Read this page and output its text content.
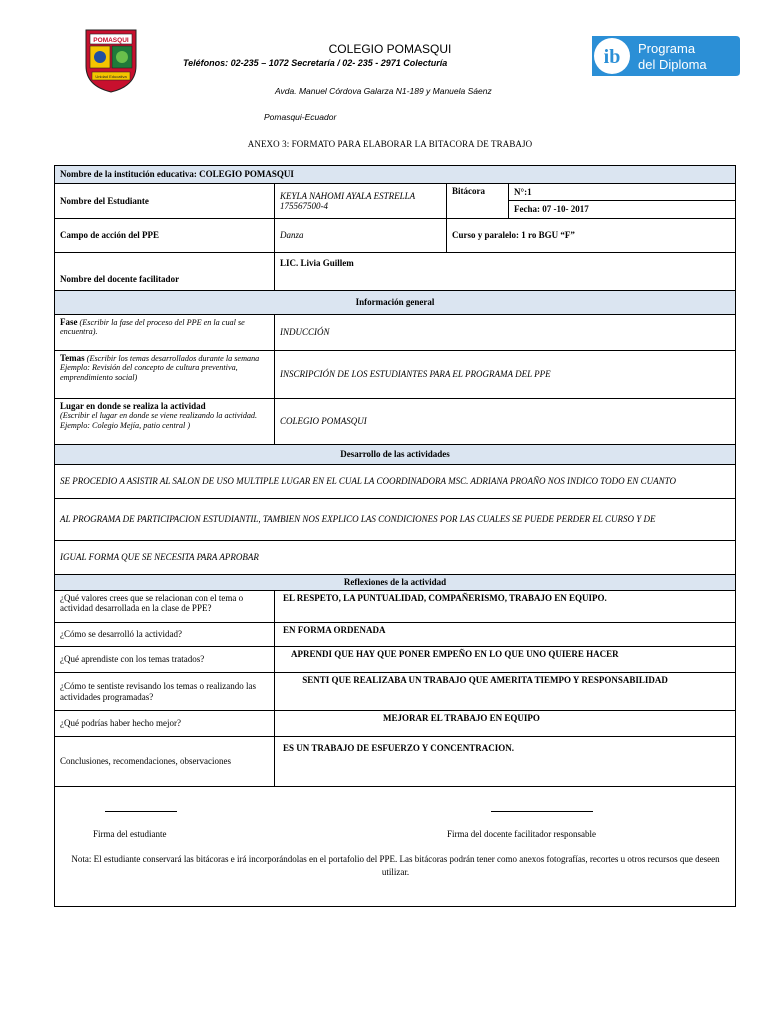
POMASQUI
Unidad Educativa
ib Programa
del Diploma
COLEGIO POMASQUI
Teléfonos: 02-235 – 1072 Secretaría / 02- 235 - 2971 Colecturía
Avda. Manuel Córdova Galarza N1-189 y Manuela Sáenz
Pomasqui-Ecuador
ANEXO 3: FORMATO PARA ELABORAR LA BITACORA DE TRABAJO
Nombre de la institución educativa: COLEGIO POMASQUI			
Nombre del Estudiante	KEYLA NAHOMI AYALA ESTRELLA 175567500-4	Bitácora	N°:1
			Fecha: 07 -10- 2017
Campo de acción del PPE	Danza	Curso y paralelo: 1 ro BGU “F”	
Nombre del docente facilitador	LIC. Livia Guillem		
Información general			
Fase (Escribir la fase del proceso del PPE en la cual se encuentra).	INDUCCIÓN		
Temas (Escribir los temas desarrollados durante la semana Ejemplo: Revisión del concepto de cultura preventiva, emprendimiento social)	INSCRIPCIÓN DE LOS ESTUDIANTES PARA EL PROGRAMA DEL PPE		

Lugar en donde se realiza la actividad
(Escribir el lugar en donde se viene realizando la actividad. Ejemplo: Colegio Mejía, patio central )	COLEGIO POMASQUI		
Desarrollo de las actividades			
SE PROCEDIO A ASISTIR AL SALON DE USO MULTIPLE LUGAR EN EL CUAL LA COORDINADORA MSC. ADRIANA PROAÑO NOS INDICO TODO EN CUANTO			
AL PROGRAMA DE PARTICIPACION ESTUDIANTIL, TAMBIEN NOS EXPLICO LAS CONDICIONES POR LAS CUALES SE PUEDE PERDER EL CURSO Y DE			
IGUAL FORMA QUE SE NECESITA PARA APROBAR			
Reflexiones de la actividad			
¿Qué valores crees que se relacionan con el tema o actividad desarrollada en la clase de PPE?	EL RESPETO, LA PUNTUALIDAD, COMPAÑERISMO, TRABAJO EN EQUIPO.		
¿Cómo se desarrolló la actividad?	EN FORMA ORDENADA		
¿Qué aprendiste con los temas tratados?	APRENDI QUE HAY QUE PONER EMPEÑO EN LO QUE UNO QUIERE HACER		
¿Cómo te sentiste revisando los temas o realizando las actividades programadas?	SENTI QUE REALIZABA UN TRABAJO QUE AMERITA TIEMPO Y RESPONSABILIDAD		
¿Qué podrías haber hecho mejor?	MEJORAR EL TRABAJO EN EQUIPO		
Conclusiones, recomendaciones, observaciones	ES UN TRABAJO DE ESFUERZO Y CONCENTRACION.		

Firma del estudiante Firma del docente facilitador responsable
Nota: El estudiante conservará las bitácoras e irá incorporándolas en el portafolio del PPE. Las bitácoras podrán tener como anexos fotografías, recortes u otros recursos que deseen utilizar.			
